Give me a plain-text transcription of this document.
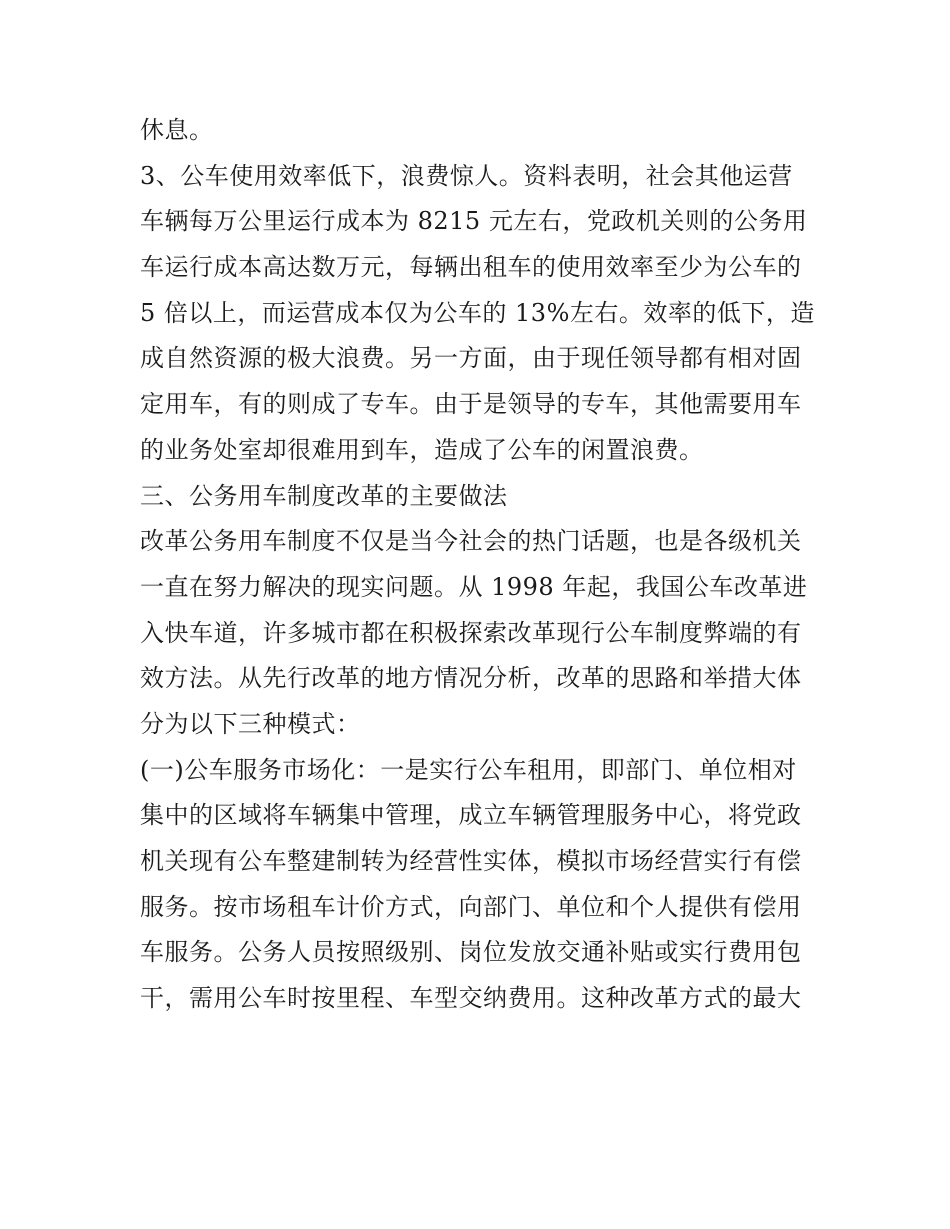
休息。
3、公车使用效率低下，浪费惊人。资料表明，社会其他运营
车辆每万公里运行成本为 8215 元左右，党政机关则的公务用
车运行成本高达数万元，每辆出租车的使用效率至少为公车的
5 倍以上，而运营成本仅为公车的 13%左右。效率的低下，造
成自然资源的极大浪费。另一方面，由于现任领导都有相对固
定用车，有的则成了专车。由于是领导的专车，其他需要用车
的业务处室却很难用到车，造成了公车的闲置浪费。
三、公务用车制度改革的主要做法
改革公务用车制度不仅是当今社会的热门话题，也是各级机关
一直在努力解决的现实问题。从 1998 年起，我国公车改革进
入快车道，许多城市都在积极探索改革现行公车制度弊端的有
效方法。从先行改革的地方情况分析，改革的思路和举措大体
分为以下三种模式：
(一)公车服务市场化：一是实行公车租用，即部门、单位相对
集中的区域将车辆集中管理，成立车辆管理服务中心，将党政
机关现有公车整建制转为经营性实体，模拟市场经营实行有偿
服务。按市场租车计价方式，向部门、单位和个人提供有偿用
车服务。公务人员按照级别、岗位发放交通补贴或实行费用包
干，需用公车时按里程、车型交纳费用。这种改革方式的最大
